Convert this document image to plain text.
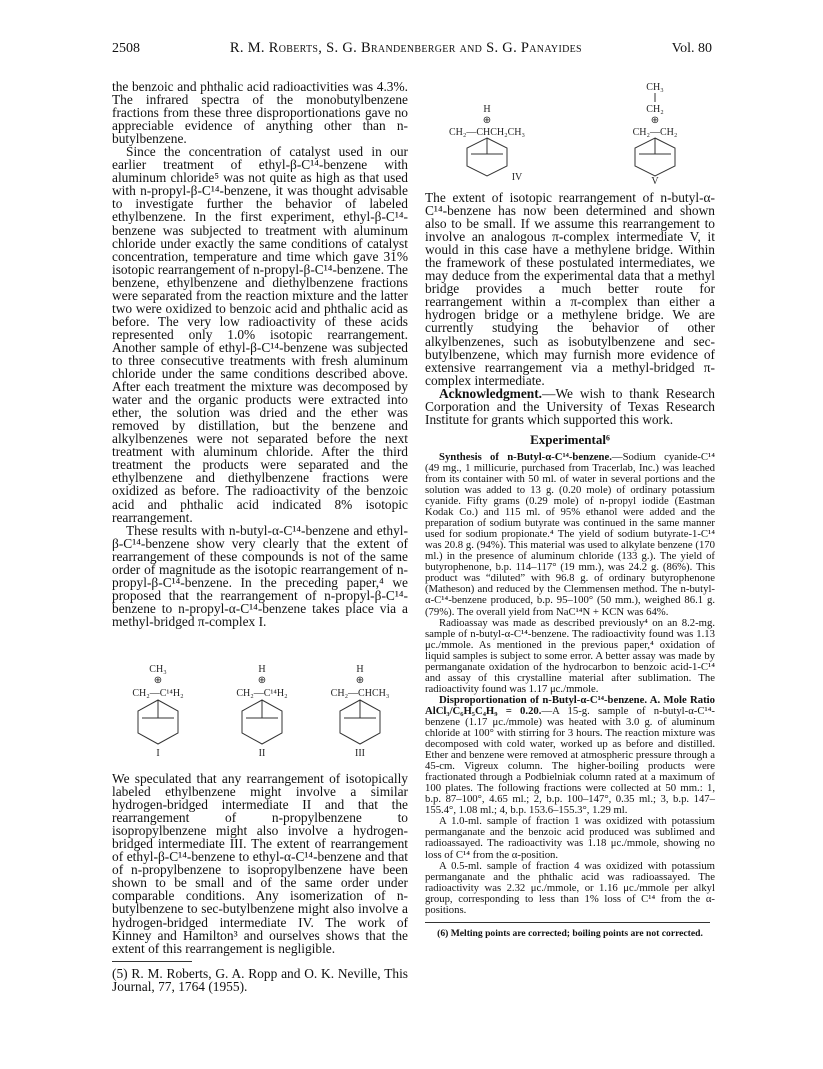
2508	R. M. Roberts, S. G. Brandenberger and S. G. Panayides	Vol. 80

the benzoic and phthalic acid radioactivities was 4.3%. The infrared spectra of the monobutylbenzene fractions from these three disproportionations gave no appreciable evidence of anything other than n-butylbenzene.

Since the concentration of catalyst used in our earlier treatment of ethyl-β-C¹⁴-benzene with aluminum chloride⁵ was not quite as high as that used with n-propyl-β-C¹⁴-benzene, it was thought advisable to investigate further the behavior of labeled ethylbenzene. In the first experiment, ethyl-β-C¹⁴-benzene was subjected to treatment with aluminum chloride under exactly the same conditions of catalyst concentration, temperature and time which gave 31% isotopic rearrangement of n-propyl-β-C¹⁴-benzene. The benzene, ethylbenzene and diethylbenzene fractions were separated from the reaction mixture and the latter two were oxidized to benzoic acid and phthalic acid as before. The very low radioactivity of these acids represented only 1.0% isotopic rearrangement. Another sample of ethyl-β-C¹⁴-benzene was subjected to three consecutive treatments with fresh aluminum chloride under the same conditions described above. After each treatment the mixture was decomposed by water and the organic products were extracted into ether, the solution was dried and the ether was removed by distillation, but the benzene and alkylbenzenes were not separated before the next treatment with aluminum chloride. After the third treatment the products were separated and the ethylbenzene and diethylbenzene fractions were oxidized as before. The radioactivity of the benzoic acid and phthalic acid indicated 8% isotopic rearrangement.

These results with n-butyl-α-C¹⁴-benzene and ethyl-β-C¹⁴-benzene show very clearly that the extent of rearrangement of these compounds is not of the same order of magnitude as the isotopic rearrangement of n-propyl-β-C¹⁴-benzene. In the preceding paper,⁴ we proposed that the rearrangement of n-propyl-β-C¹⁴-benzene to n-propyl-α-C¹⁴-benzene takes place via a methyl-bridged π-complex I.

CH₃
⊕
CH₂—C¹⁴H₂
I
H
⊕
CH₂—C¹⁴H₂
II
H
⊕
CH₂—CHCH₃
III

We speculated that any rearrangement of isotopically labeled ethylbenzene might involve a similar hydrogen-bridged intermediate II and that the rearrangement of n-propylbenzene to isopropylbenzene might also involve a hydrogen-bridged intermediate III. The extent of rearrangement of ethyl-β-C¹⁴-benzene to ethyl-α-C¹⁴-benzene and that of n-propylbenzene to isopropylbenzene have been shown to be small and of the same order under comparable conditions. Any isomerization of n-butylbenzene to sec-butylbenzene might also involve a hydrogen-bridged intermediate IV. The work of Kinney and Hamilton³ and ourselves shows that the extent of this rearrangement is negligible.

(5) R. M. Roberts, G. A. Ropp and O. K. Neville, This Journal, 77, 1764 (1955).

H
⊕
CH₂—CHCH₂CH₃
IV
CH₃
CH₂
⊕
CH₂—CH₂
V

The extent of isotopic rearrangement of n-butyl-α-C¹⁴-benzene has now been determined and shown also to be small. If we assume this rearrangement to involve an analogous π-complex intermediate V, it would in this case have a methylene bridge. Within the framework of these postulated intermediates, we may deduce from the experimental data that a methyl bridge provides a much better route for rearrangement within a π-complex than either a hydrogen bridge or a methylene bridge. We are currently studying the behavior of other alkylbenzenes, such as isobutylbenzene and sec-butylbenzene, which may furnish more evidence of extensive rearrangement via a methyl-bridged π-complex intermediate.

Acknowledgment.—We wish to thank Research Corporation and the University of Texas Research Institute for grants which supported this work.

Experimental⁶

Synthesis of n-Butyl-α-C¹⁴-benzene.—Sodium cyanide-C¹⁴ (49 mg., 1 millicurie, purchased from Tracerlab, Inc.) was leached from its container with 50 ml. of water in several portions and the solution was added to 13 g. (0.20 mole) of ordinary potassium cyanide. Fifty grams (0.29 mole) of n-propyl iodide (Eastman Kodak Co.) and 115 ml. of 95% ethanol were added and the preparation of sodium butyrate was continued in the same manner used for sodium propionate.⁴ The yield of sodium butyrate-1-C¹⁴ was 20.8 g. (94%). This material was used to alkylate benzene (170 ml.) in the presence of aluminum chloride (133 g.). The yield of butyrophenone, b.p. 114–117° (19 mm.), was 24.2 g. (86%). This product was “diluted” with 96.8 g. of ordinary butyrophenone (Matheson) and reduced by the Clemmensen method. The n-butyl-α-C¹⁴-benzene produced, b.p. 95–100° (50 mm.), weighed 86.1 g. (79%). The overall yield from NaC¹⁴N + KCN was 64%.

Radioassay was made as described previously⁴ on an 8.2-mg. sample of n-butyl-α-C¹⁴-benzene. The radioactivity found was 1.13 μc./mmole. As mentioned in the previous paper,⁴ oxidation of liquid samples is subject to some error. A better assay was made by permanganate oxidation of the hydrocarbon to benzoic acid-1-C¹⁴ and assay of this crystalline material after sublimation. The radioactivity found was 1.17 μc./mmole.

Disproportionation of n-Butyl-α-C¹⁴-benzene. A. Mole Ratio AlCl₃/C₆H₅C₄H₉ = 0.20.—A 15-g. sample of n-butyl-α-C¹⁴-benzene (1.17 μc./mmole) was heated with 3.0 g. of aluminum chloride at 100° with stirring for 3 hours. The reaction mixture was decomposed with cold water, worked up as before and distilled. Ether and benzene were removed at atmospheric pressure through a 45-cm. Vigreux column. The higher-boiling products were fractionated through a Podbielniak column rated at a maximum of 100 plates. The following fractions were collected at 50 mm.: 1, b.p. 87–100°, 4.65 ml.; 2, b.p. 100–147°, 0.35 ml.; 3, b.p. 147–155.4°, 1.08 ml.; 4, b.p. 153.6–155.3°, 1.29 ml.

A 1.0-ml. sample of fraction 1 was oxidized with potassium permanganate and the benzoic acid produced was sublimed and radioassayed. The radioactivity was 1.18 μc./mmole, showing no loss of C¹⁴ from the α-position.

A 0.5-ml. sample of fraction 4 was oxidized with potassium permanganate and the phthalic acid was radioassayed. The radioactivity was 2.32 μc./mmole, or 1.16 μc./mmole per alkyl group, corresponding to less than 1% loss of C¹⁴ from the α-positions.

(6) Melting points are corrected; boiling points are not corrected.
